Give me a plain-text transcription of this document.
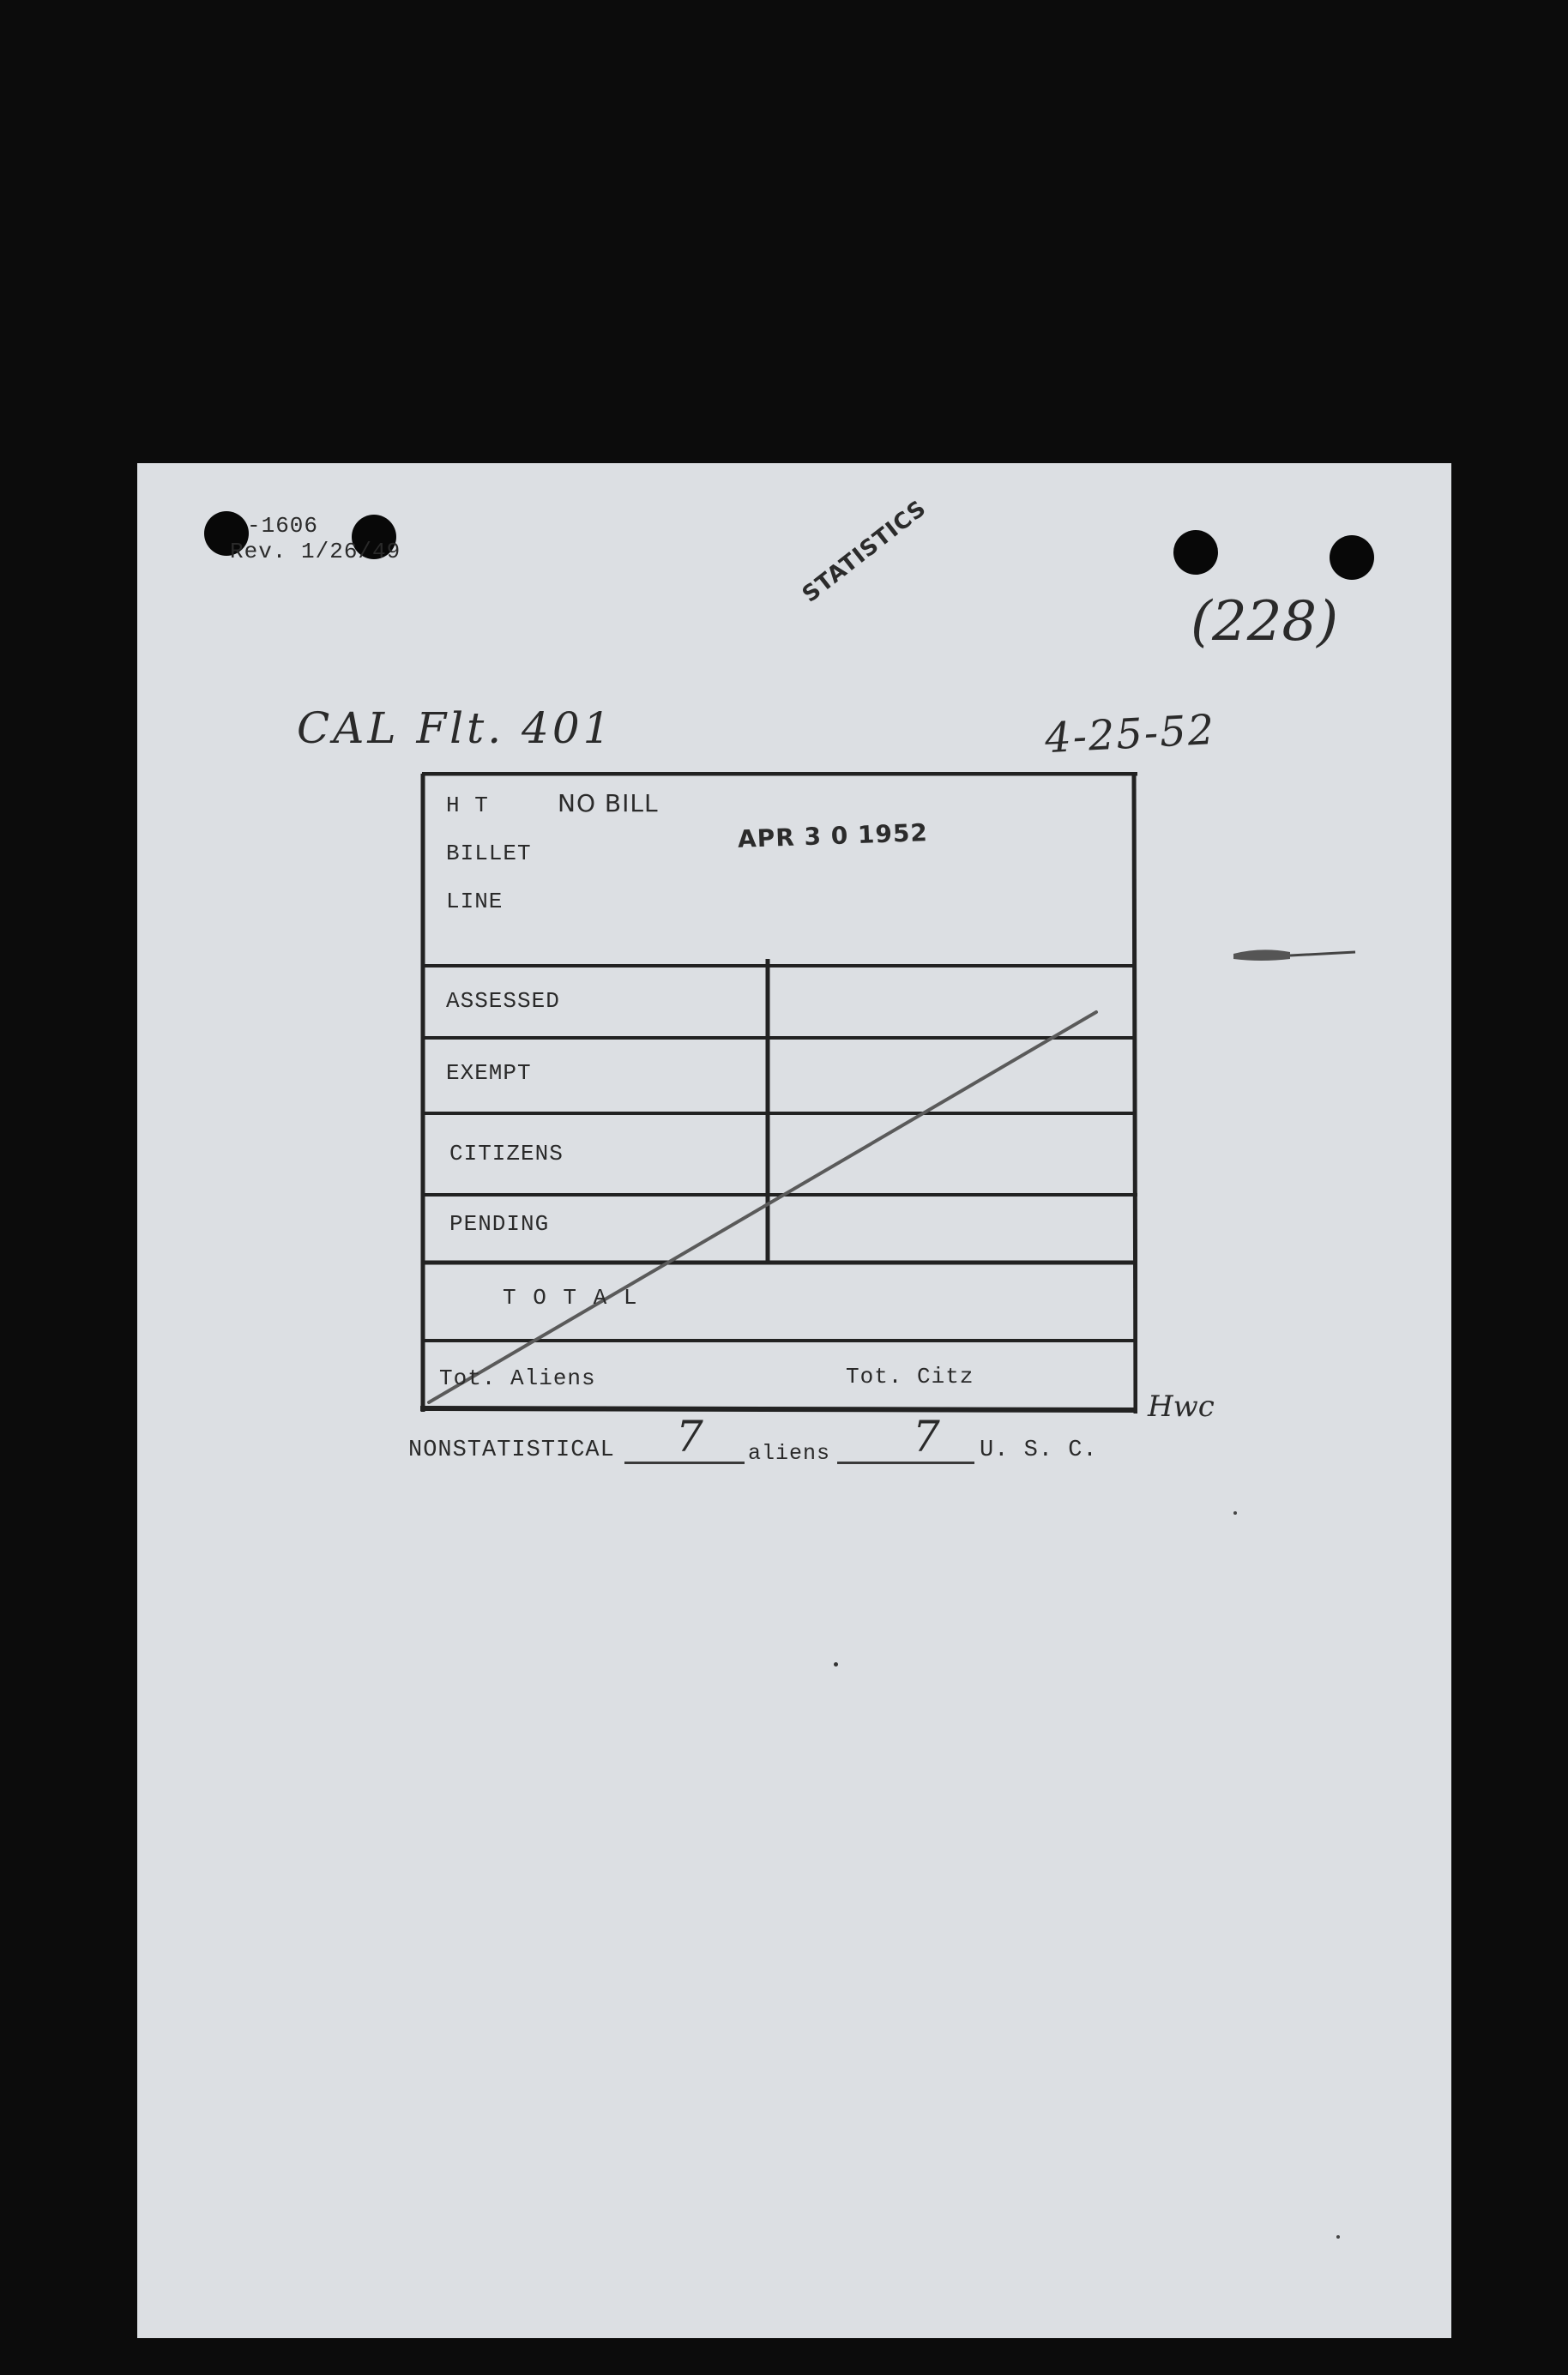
-1606
Rev. 1/26/49	STATISTICS
(228)
CAL Flt. 401	4-25-52
H T
BILLET
LINE
NO BILL
APR 3 0 1952
ASSESSED
EXEMPT
CITIZENS
PENDING
T O T A L
Tot. Aliens	Tot. Citz
Hwc
NONSTATISTICAL 7 aliens 7 U. S. C.
